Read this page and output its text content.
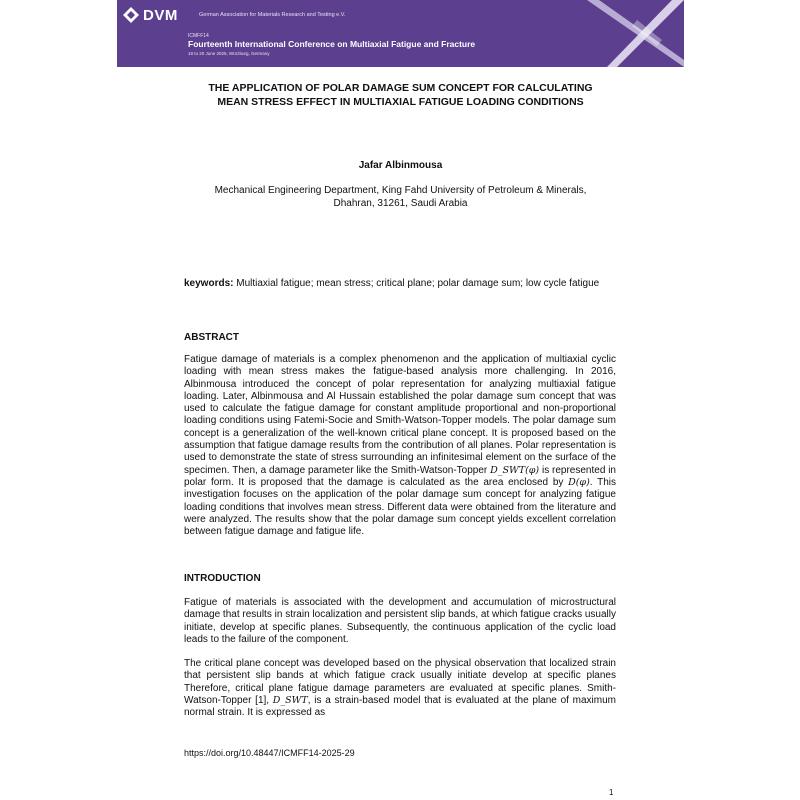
DVM	German Association for Materials Research and Testing e.V.
ICMFF14
Fourteenth International Conference on Multiaxial Fatigue and Fracture
18 to 20 June 2025, Würzburg, Germany
THE APPLICATION OF POLAR DAMAGE SUM CONCEPT FOR CALCULATING
MEAN STRESS EFFECT IN MULTIAXIAL FATIGUE LOADING CONDITIONS
Jafar Albinmousa
Mechanical Engineering Department, King Fahd University of Petroleum & Minerals,
Dhahran, 31261, Saudi Arabia
keywords: Multiaxial fatigue; mean stress; critical plane; polar damage sum; low cycle fatigue
ABSTRACT
Fatigue damage of materials is a complex phenomenon and the application of multiaxial cyclic loading with mean stress makes the fatigue-based analysis more challenging. In 2016, Albinmousa introduced the concept of polar representation for analyzing multiaxial fatigue loading. Later, Albinmousa and Al Hussain established the polar damage sum concept that was used to calculate the fatigue damage for constant amplitude proportional and non-proportional loading conditions using Fatemi-Socie and Smith-Watson-Topper models. The polar damage sum concept is a generalization of the well-known critical plane concept. It is proposed based on the assumption that fatigue damage results from the contribution of all planes. Polar representation is used to demonstrate the state of stress surrounding an infinitesimal element on the surface of the specimen. Then, a damage parameter like the Smith-Watson-Topper D_SWT(φ) is represented in polar form. It is proposed that the damage is calculated as the area enclosed by D(φ). This investigation focuses on the application of the polar damage sum concept for analyzing fatigue loading conditions that involves mean stress. Different data were obtained from the literature and were analyzed. The results show that the polar damage sum concept yields excellent correlation between fatigue damage and fatigue life.
INTRODUCTION
Fatigue of materials is associated with the development and accumulation of microstructural damage that results in strain localization and persistent slip bands, at which fatigue cracks usually initiate, develop at specific planes. Subsequently, the continuous application of the cyclic load leads to the failure of the component.
The critical plane concept was developed based on the physical observation that localized strain that persistent slip bands at which fatigue crack usually initiate develop at specific planes Therefore, critical plane fatigue damage parameters are evaluated at specific planes. Smith-Watson-Topper [1], D_SWT, is a strain-based model that is evaluated at the plane of maximum normal strain. It is expressed as
https://doi.org/10.48447/ICMFF14-2025-29
1
